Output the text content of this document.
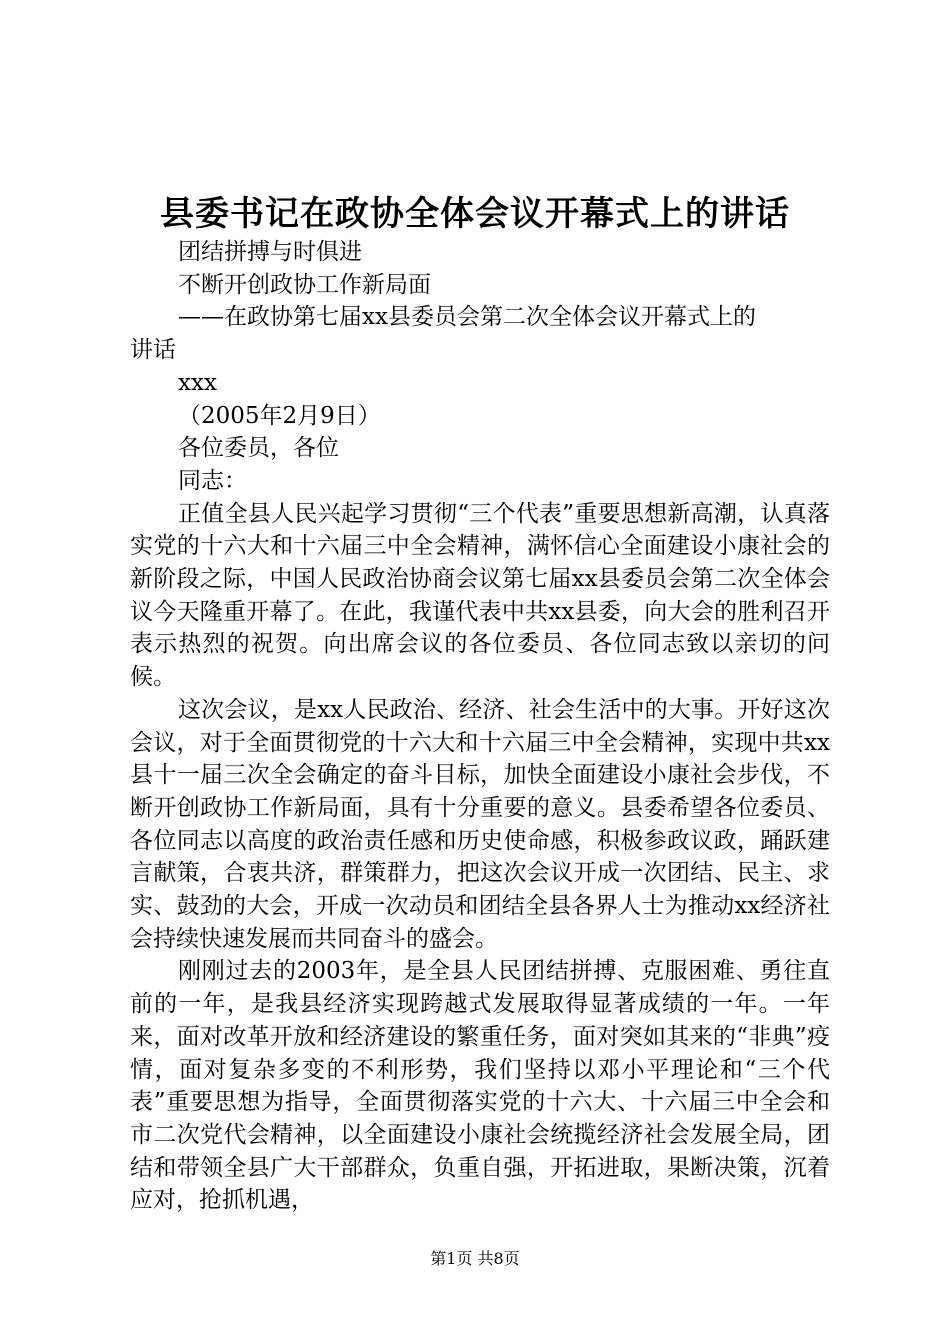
县委书记在政协全体会议开幕式上的讲话
团结拼搏与时俱进
不断开创政协工作新局面
——在政协第七届xx县委员会第二次全体会议开幕式上的
讲话
xxx
（2005年2月9日）
各位委员，各位
同志：
正值全县人民兴起学习贯彻“三个代表”重要思想新高潮，认真落实党的十六大和十六届三中全会精神，满怀信心全面建设小康社会的新阶段之际，中国人民政治协商会议第七届xx县委员会第二次全体会议今天隆重开幕了。在此，我谨代表中共xx县委，向大会的胜利召开表示热烈的祝贺。向出席会议的各位委员、各位同志致以亲切的问候。
这次会议，是xx人民政治、经济、社会生活中的大事。开好这次会议，对于全面贯彻党的十六大和十六届三中全会精神，实现中共xx县十一届三次全会确定的奋斗目标，加快全面建设小康社会步伐，不断开创政协工作新局面，具有十分重要的意义。县委希望各位委员、各位同志以高度的政治责任感和历史使命感，积极参政议政，踊跃建言献策，合衷共济，群策群力，把这次会议开成一次团结、民主、求实、鼓劲的大会，开成一次动员和团结全县各界人士为推动xx经济社会持续快速发展而共同奋斗的盛会。
刚刚过去的2003年，是全县人民团结拼搏、克服困难、勇往直前的一年，是我县经济实现跨越式发展取得显著成绩的一年。一年来，面对改革开放和经济建设的繁重任务，面对突如其来的“非典”疫情，面对复杂多变的不利形势，我们坚持以邓小平理论和“三个代表”重要思想为指导，全面贯彻落实党的十六大、十六届三中全会和市二次党代会精神，以全面建设小康社会统揽经济社会发展全局，团结和带领全县广大干部群众，负重自强，开拓进取，果断决策，沉着应对，抢抓机遇，
第1页 共8页
